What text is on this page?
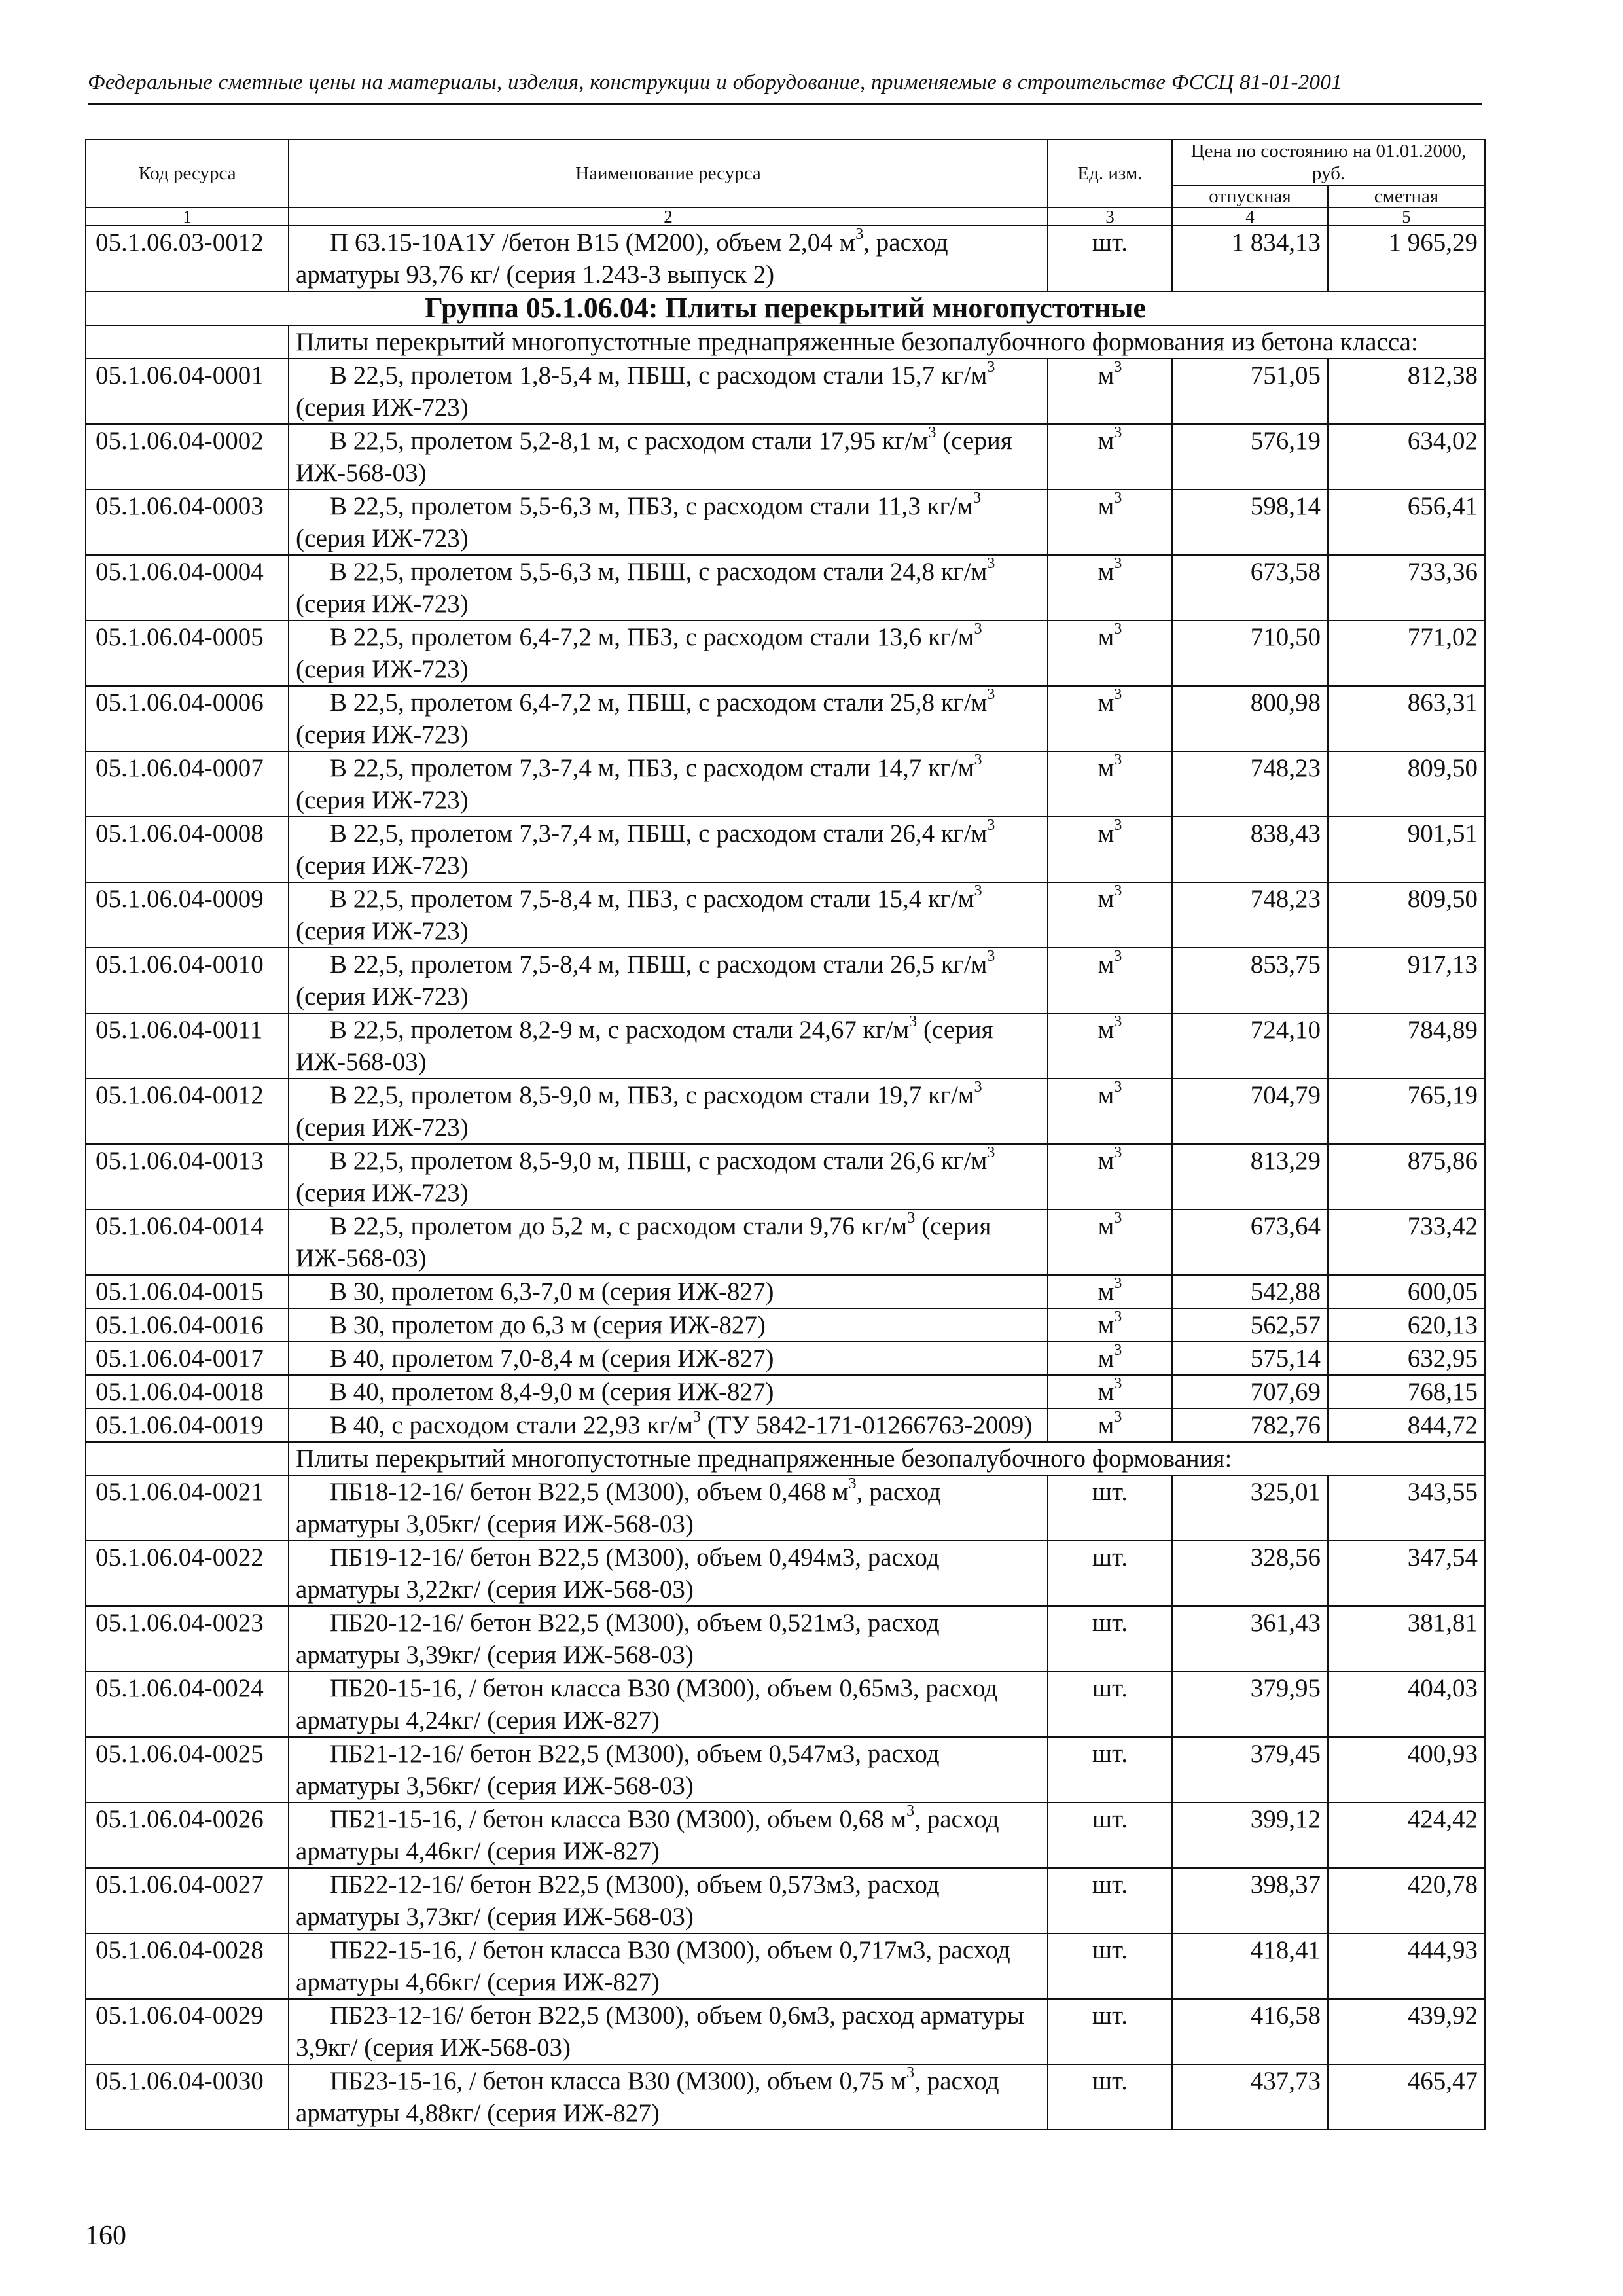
Федеральные сметные цены на материалы, изделия, конструкции и оборудование, применяемые в строительстве ФССЦ 81-01-2001
Код ресурса	Наименование ресурса	Ед. изм.	Цена по состоянию на 01.01.2000, руб.	
			отпускная	сметная
1	2	3	4	5
05.1.06.03-0012	П 63.15-10А1У /бетон В15 (М200), объем 2,04 $м^3$, расход арматуры 93,76 кг/ (серия 1.243-3 выпуск 2)	шт.	1 834,13	1 965,29
Группа 05.1.06.04: Плиты перекрытий многопустотные				
	Плиты перекрытий многопустотные преднапряженные безопалубочного формования из бетона класса:			
05.1.06.04-0001	В 22,5, пролетом 1,8-5,4 м, ПБШ, с расходом стали 15,7 $кг/м^3$ (серия ИЖ-723)	$м^3$	751,05	812,38
05.1.06.04-0002	В 22,5, пролетом 5,2-8,1 м, с расходом стали 17,95 $кг/м^3$ (серия ИЖ-568-03)	$м^3$	576,19	634,02
05.1.06.04-0003	В 22,5, пролетом 5,5-6,3 м, ПБЗ, с расходом стали 11,3 $кг/м^3$ (серия ИЖ-723)	$м^3$	598,14	656,41
05.1.06.04-0004	В 22,5, пролетом 5,5-6,3 м, ПБШ, с расходом стали 24,8 $кг/м^3$ (серия ИЖ-723)	$м^3$	673,58	733,36
05.1.06.04-0005	В 22,5, пролетом 6,4-7,2 м, ПБЗ, с расходом стали 13,6 $кг/м^3$ (серия ИЖ-723)	$м^3$	710,50	771,02
05.1.06.04-0006	В 22,5, пролетом 6,4-7,2 м, ПБШ, с расходом стали 25,8 $кг/м^3$ (серия ИЖ-723)	$м^3$	800,98	863,31
05.1.06.04-0007	В 22,5, пролетом 7,3-7,4 м, ПБЗ, с расходом стали 14,7 $кг/м^3$ (серия ИЖ-723)	$м^3$	748,23	809,50
05.1.06.04-0008	В 22,5, пролетом 7,3-7,4 м, ПБШ, с расходом стали 26,4 $кг/м^3$ (серия ИЖ-723)	$м^3$	838,43	901,51
05.1.06.04-0009	В 22,5, пролетом 7,5-8,4 м, ПБЗ, с расходом стали 15,4 $кг/м^3$ (серия ИЖ-723)	$м^3$	748,23	809,50
05.1.06.04-0010	В 22,5, пролетом 7,5-8,4 м, ПБШ, с расходом стали 26,5 $кг/м^3$ (серия ИЖ-723)	$м^3$	853,75	917,13
05.1.06.04-0011	В 22,5, пролетом 8,2-9 м, с расходом стали 24,67 $кг/м^3$ (серия ИЖ-568-03)	$м^3$	724,10	784,89
05.1.06.04-0012	В 22,5, пролетом 8,5-9,0 м, ПБЗ, с расходом стали 19,7 $кг/м^3$ (серия ИЖ-723)	$м^3$	704,79	765,19
05.1.06.04-0013	В 22,5, пролетом 8,5-9,0 м, ПБШ, с расходом стали 26,6 $кг/м^3$ (серия ИЖ-723)	$м^3$	813,29	875,86
05.1.06.04-0014	В 22,5, пролетом до 5,2 м, с расходом стали 9,76 $кг/м^3$ (серия ИЖ-568-03)	$м^3$	673,64	733,42
05.1.06.04-0015	В 30, пролетом 6,3-7,0 м (серия ИЖ-827)	$м^3$	542,88	600,05
05.1.06.04-0016	В 30, пролетом до 6,3 м (серия ИЖ-827)	$м^3$	562,57	620,13
05.1.06.04-0017	В 40, пролетом 7,0-8,4 м (серия ИЖ-827)	$м^3$	575,14	632,95
05.1.06.04-0018	В 40, пролетом 8,4-9,0 м (серия ИЖ-827)	$м^3$	707,69	768,15
05.1.06.04-0019	В 40, с расходом стали 22,93 $кг/м^3$ (ТУ 5842-171-01266763-2009)	$м^3$	782,76	844,72
	Плиты перекрытий многопустотные преднапряженные безопалубочного формования:			
05.1.06.04-0021	ПБ18-12-16/ бетон В22,5 (М300), объем 0,468 $м^3$, расход арматуры 3,05кг/ (серия ИЖ-568-03)	шт.	325,01	343,55
05.1.06.04-0022	ПБ19-12-16/ бетон В22,5 (М300), объем 0,494м3, расход арматуры 3,22кг/ (серия ИЖ-568-03)	шт.	328,56	347,54
05.1.06.04-0023	ПБ20-12-16/ бетон В22,5 (М300), объем 0,521м3, расход арматуры 3,39кг/ (серия ИЖ-568-03)	шт.	361,43	381,81
05.1.06.04-0024	ПБ20-15-16, / бетон класса В30 (М300), объем 0,65м3, расход арматуры 4,24кг/ (серия ИЖ-827)	шт.	379,95	404,03
05.1.06.04-0025	ПБ21-12-16/ бетон В22,5 (М300), объем 0,547м3, расход арматуры 3,56кг/ (серия ИЖ-568-03)	шт.	379,45	400,93
05.1.06.04-0026	ПБ21-15-16, / бетон класса В30 (М300), объем 0,68 $м^3$, расход арматуры 4,46кг/ (серия ИЖ-827)	шт.	399,12	424,42
05.1.06.04-0027	ПБ22-12-16/ бетон В22,5 (М300), объем 0,573м3, расход арматуры 3,73кг/ (серия ИЖ-568-03)	шт.	398,37	420,78
05.1.06.04-0028	ПБ22-15-16, / бетон класса В30 (М300), объем 0,717м3, расход арматуры 4,66кг/ (серия ИЖ-827)	шт.	418,41	444,93
05.1.06.04-0029	ПБ23-12-16/ бетон В22,5 (М300), объем 0,6м3, расход арматуры 3,9кг/ (серия ИЖ-568-03)	шт.	416,58	439,92
05.1.06.04-0030	ПБ23-15-16, / бетон класса В30 (М300), объем 0,75 $м^3$, расход арматуры 4,88кг/ (серия ИЖ-827)	шт.	437,73	465,47
160
